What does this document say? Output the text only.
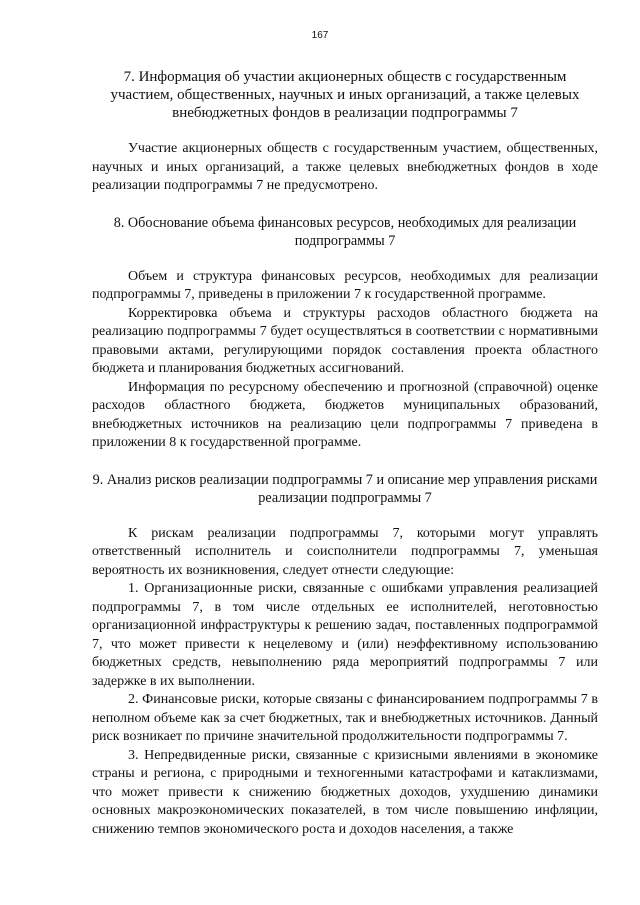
167

7. Информация об участии акционерных обществ с государственным участием, общественных, научных и иных организаций, а также целевых внебюджетных фондов в реализации подпрограммы 7

Участие акционерных обществ с государственным участием, общественных, научных и иных организаций, а также целевых внебюджетных фондов в ходе реализации подпрограммы 7 не предусмотрено.

8. Обоснование объема финансовых ресурсов, необходимых для реализации подпрограммы 7

Объем и структура финансовых ресурсов, необходимых для реализации подпрограммы 7, приведены в приложении 7 к государственной программе.

Корректировка объема и структуры расходов областного бюджета на реализацию подпрограммы 7 будет осуществляться в соответствии с нормативными правовыми актами, регулирующими порядок составления проекта областного бюджета и планирования бюджетных ассигнований.

Информация по ресурсному обеспечению и прогнозной (справочной) оценке расходов областного бюджета, бюджетов муниципальных образований, внебюджетных источников на реализацию цели подпрограммы 7 приведена в приложении 8 к государственной программе.

9. Анализ рисков реализации подпрограммы 7 и описание мер управления рисками реализации подпрограммы 7

К рискам реализации подпрограммы 7, которыми могут управлять ответственный исполнитель и соисполнители подпрограммы 7, уменьшая вероятность их возникновения, следует отнести следующие:

1. Организационные риски, связанные с ошибками управления реализацией подпрограммы 7, в том числе отдельных ее исполнителей, неготовностью организационной инфраструктуры к решению задач, поставленных подпрограммой 7, что может привести к нецелевому и (или) неэффективному использованию бюджетных средств, невыполнению ряда мероприятий подпрограммы 7 или задержке в их выполнении.

2. Финансовые риски, которые связаны с финансированием подпрограммы 7 в неполном объеме как за счет бюджетных, так и внебюджетных источников. Данный риск возникает по причине значительной продолжительности подпрограммы 7.

3. Непредвиденные риски, связанные с кризисными явлениями в экономике страны и региона, с природными и техногенными катастрофами и катаклизмами, что может привести к снижению бюджетных доходов, ухудшению динамики основных макроэкономических показателей, в том числе повышению инфляции, снижению темпов экономического роста и доходов населения, а также
